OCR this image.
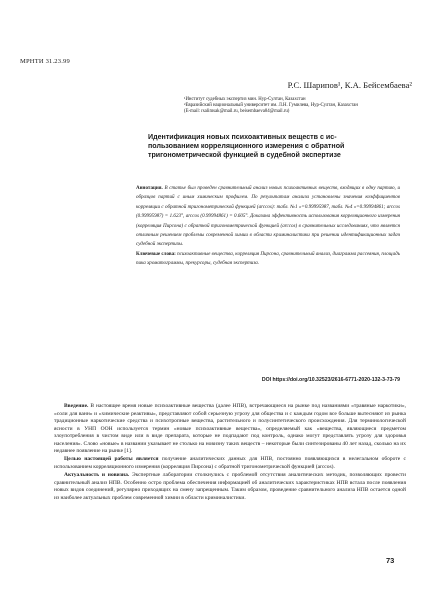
МРНТИ 31.23.99
Р.С. Шарипов¹, К.А. Бейсембаева²
¹Институт судебных экспертиз мин. Нур-Султан, Казахстан
²Евразийский национальный университет им. Л.Н. Гумилева, Нур-Султан, Казахстан
(E-mail: rsalimsak@mail.ru, beisembaeva84@mail.ru)
Идентификация новых психоактивных веществ с использованием корреляционного измерения с обратной тригонометрической функцией в судебной экспертизе

Аннотация. В статье был проведен сравнительный анализ новых психоактивных веществ, входящих в одну партию, и образцов партий с иным химическим профилем. По результатам анализа установлены значения коэффициентов корреляции с обратной тригонометрической функцией (arccos): табл. №1 «=0.99995987, табл. №4 «=0.99994861; arccos (0.99995987) = 1.623°, arccos (0.99994861) = 0.605°. Доказана эффективность использования корреляционного измерения (корреляция Пирсона) с обратной тригонометрической функцией (arccos) в сравнительных исследованиях, что является отличным решением проблемы современной химии в области криминалистики при решении идентификационных задач судебной экспертизы.

Ключевые слова: психоактивные вещества, корреляция Пирсона, сравнительный анализ, диаграмма рассеяния, площадь пика хроматограммы, прекурсоры, судебная экспертиза.

DOI https://doi.org/10.32523/2616-6771-2020-132-3-73-79

Введение. В настоящее время новые психоактивные вещества (далее НПВ), встречающиеся на рынке под названиями «травяные наркотики», «соли для ванн» и «химические реактивы», представляют собой серьезную угрозу для общества и с каждым годом все больше вытесняют из рынка традиционные наркотические средства и психотропные вещества, растительного и полусинтетического происхождения. Для терминологической ясности в УНП ООН используется термин «новые психоактивные вещества», определяемый как «вещества, являющиеся предметом злоупотребления в чистом виде или в виде препарата, которые не подпадают под контроль, однако могут представлять угрозу для здоровья населения». Слово «новые» в названии указывает не столько на новизну таких веществ – некоторые были синтезированы 40 лет назад, сколько на их недавнее появление на рынке [1].

Целью настоящей работы является получение аналитических данных для НПВ, постоянно появляющихся в нелегальном обороте с использованием корреляционного измерения (корреляция Пирсона) с обратной тригонометрической функцией (arccos).

Актуальность и новизна. Экспертные лаборатории столкнулись с проблемой отсутствия аналитических методик, позволяющих провести сравнительный анализ НПВ. Особенно остро проблема обеспечения информацией об аналитических характеристиках НПВ встала после появления новых видов соединений, регулярно приходящих на смену запрещенным. Таким образом, проведение сравнительного анализа НПВ остается одной из наиболее актуальных проблем современной химии в области криминалистики.

73
